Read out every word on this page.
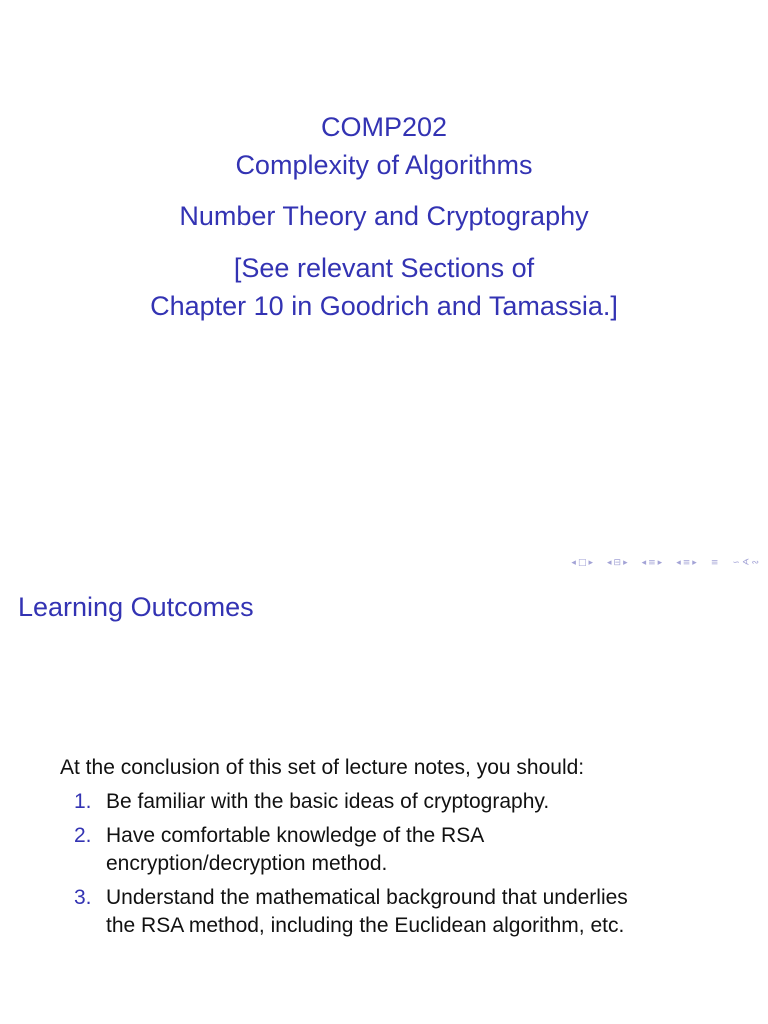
COMP202
Complexity of Algorithms
Number Theory and Cryptography
[See relevant Sections of
Chapter 10 in Goodrich and Tamassia.]
◂ □ ▸ ◂ ⊟ ▸ ◂ ≡ ▸ ◂ ≡ ▸ ≡ ∽ ∢ ∾
Learning Outcomes
At the conclusion of this set of lecture notes, you should:
1. Be familiar with the basic ideas of cryptography.
2. Have comfortable knowledge of the RSA
encryption/decryption method.
3. Understand the mathematical background that underlies
the RSA method, including the Euclidean algorithm, etc.
